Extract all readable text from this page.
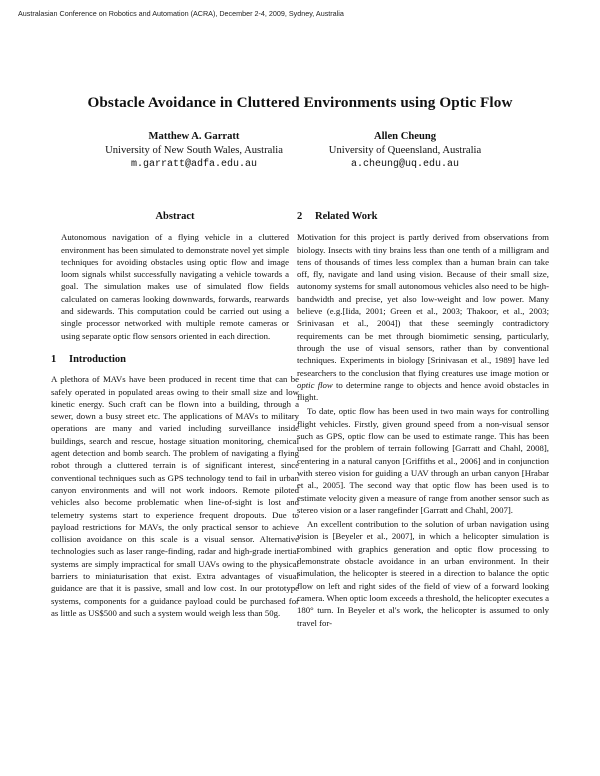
Australasian Conference on Robotics and Automation (ACRA), December 2-4, 2009, Sydney, Australia
Obstacle Avoidance in Cluttered Environments using Optic Flow
Matthew A. Garratt
University of New South Wales, Australia
m.garratt@adfa.edu.au
Allen Cheung
University of Queensland, Australia
a.cheung@uq.edu.au
Abstract

Autonomous navigation of a flying vehicle in a cluttered environment has been simulated to demonstrate novel yet simple techniques for avoiding obstacles using optic flow and image loom signals whilst successfully navigating a vehicle towards a goal. The simulation makes use of simulated flow fields calculated on cameras looking downwards, forwards, rearwards and sidewards. This computation could be carried out using a single processor networked with multiple remote cameras or using separate optic flow sensors oriented in each direction.

1 Introduction

A plethora of MAVs have been produced in recent time that can be safely operated in populated areas owing to their small size and low kinetic energy. Such craft can be flown into a building, through a sewer, down a busy street etc. The applications of MAVs to military operations are many and varied including surveillance inside buildings, search and rescue, hostage situation monitoring, chemical agent detection and bomb search. The problem of navigating a flying robot through a cluttered terrain is of significant interest, since conventional techniques such as GPS technology tend to fail in urban canyon environments and will not work indoors. Remote piloted vehicles also become problematic when line-of-sight is lost and telemetry systems start to experience frequent dropouts. Due to payload restrictions for MAVs, the only practical sensor to achieve collision avoidance on this scale is a visual sensor. Alternative technologies such as laser range-finding, radar and high-grade inertial systems are simply impractical for small UAVs owing to the physical barriers to miniaturisation that exist. Extra advantages of visual guidance are that it is passive, small and low cost. In our prototype systems, components for a guidance payload could be purchased for as little as US$500 and such a system would weigh less than 50g.

2 Related Work

Motivation for this project is partly derived from observations from biology. Insects with tiny brains less than one tenth of a milligram and tens of thousands of times less complex than a human brain can take off, fly, navigate and land using vision. Because of their small size, autonomy systems for small autonomous vehicles also need to be high-bandwidth and precise, yet also low-weight and low power. Many believe (e.g.[Iida, 2001; Green et al., 2003; Thakoor, et al., 2003; Srinivasan et al., 2004]) that these seemingly contradictory requirements can be met through biomimetic sensing, particularly, through the use of visual sensors, rather than by conventional techniques. Experiments in biology [Srinivasan et al., 1989] have led researchers to the conclusion that flying creatures use image motion or optic flow to determine range to objects and hence avoid obstacles in flight.

To date, optic flow has been used in two main ways for controlling flight vehicles. Firstly, given ground speed from a non-visual sensor such as GPS, optic flow can be used to estimate range. This has been used for the problem of terrain following [Garratt and Chahl, 2008], centering in a natural canyon [Griffiths et al., 2006] and in conjunction with stereo vision for guiding a UAV through an urban canyon [Hrabar et al., 2005]. The second way that optic flow has been used is to estimate velocity given a measure of range from another sensor such as stereo vision or a laser rangefinder [Garratt and Chahl, 2007].

An excellent contribution to the solution of urban navigation using vision is [Beyeler et al., 2007], in which a helicopter simulation is combined with graphics generation and optic flow processing to demonstrate obstacle avoidance in an urban environment. In their simulation, the helicopter is steered in a direction to balance the optic flow on left and right sides of the field of view of a forward looking camera. When optic loom exceeds a threshold, the helicopter executes a 180° turn. In Beyeler et al's work, the helicopter is assumed to only travel for-
